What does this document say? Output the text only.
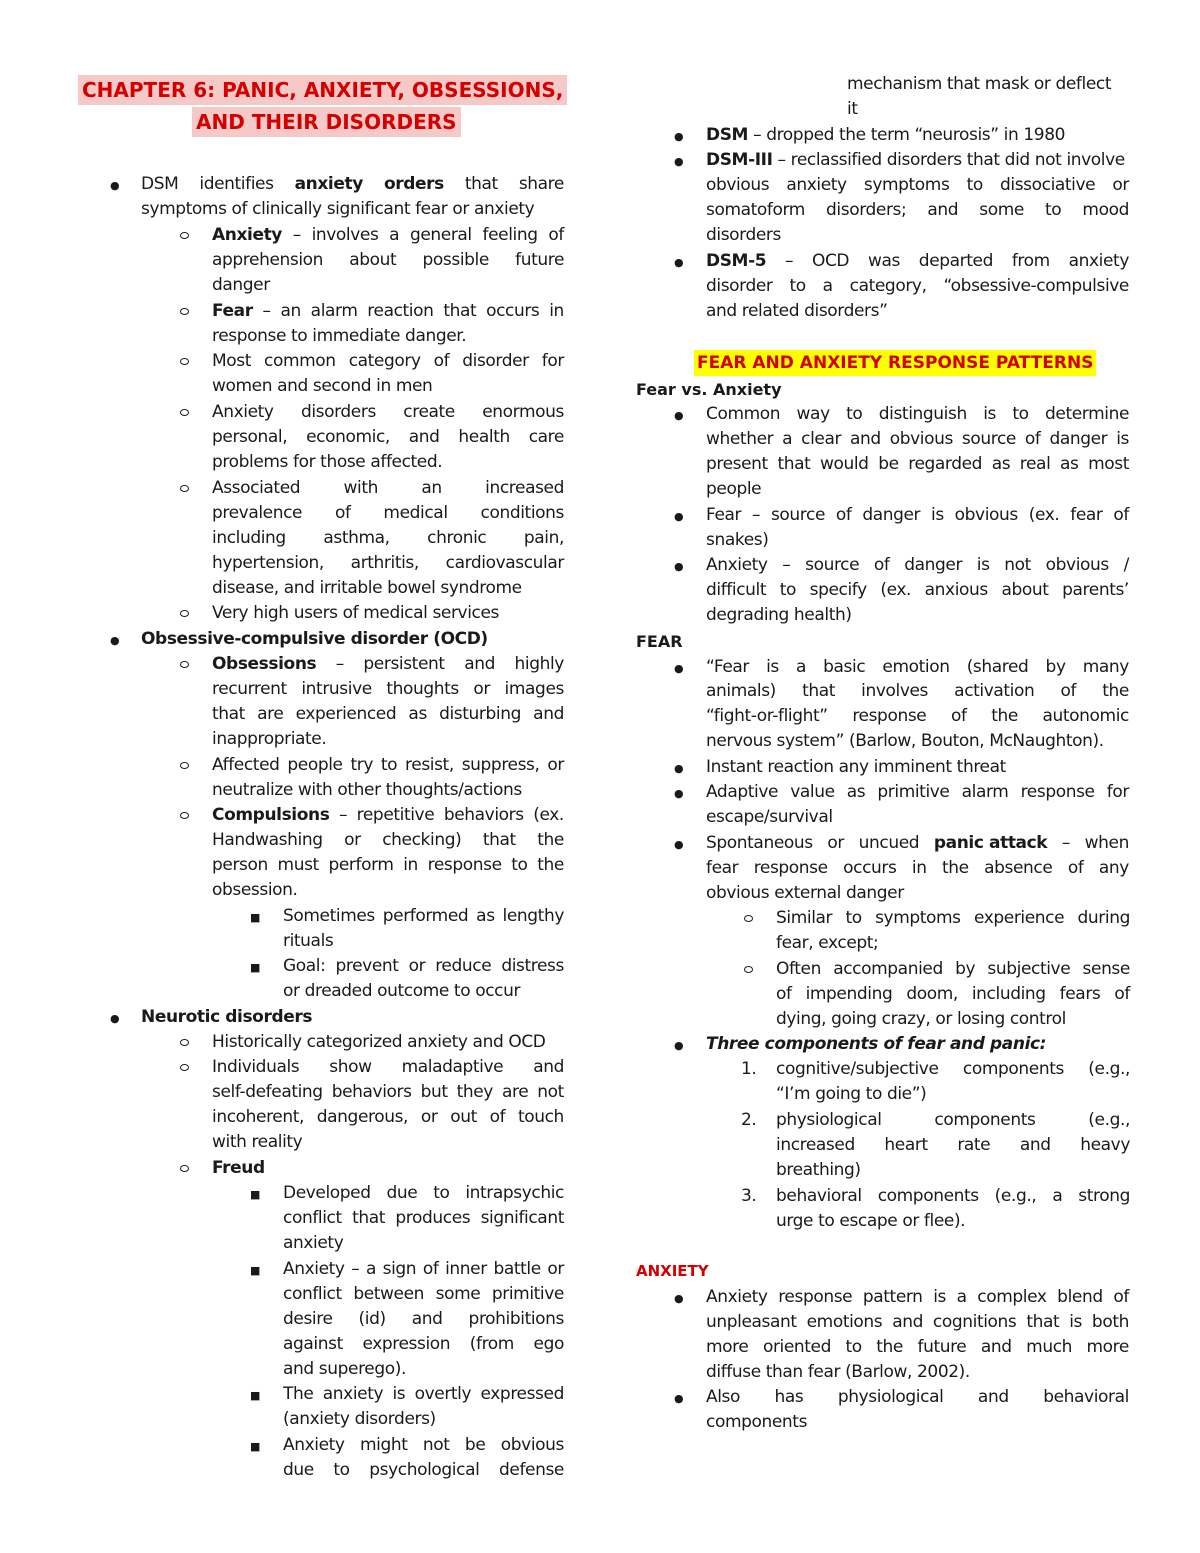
CHAPTER 6: PANIC, ANXIETY, OBSESSIONS,
AND THEIR DISORDERS
●
DSM identifies anxiety orders that share
symptoms of clinically significant fear or anxiety
Anxiety – involves a general feeling of
apprehension about possible future
danger
Fear – an alarm reaction that occurs in
response to immediate danger.
Most common category of disorder for
women and second in men
Anxiety disorders create enormous
personal, economic, and health care
problems for those affected.
Associated	with	an	increased
prevalence of medical conditions
including asthma, chronic pain,
hypertension, arthritis, cardiovascular
disease, and irritable bowel syndrome
Very high users of medical services
●
Obsessive-compulsive disorder (OCD)
Obsessions – persistent and highly
recurrent intrusive thoughts or images
that are experienced as disturbing and
inappropriate.
Affected people try to resist, suppress, or
neutralize with other thoughts/actions
Compulsions – repetitive behaviors (ex.
Handwashing or checking) that the
person must perform in response to the
obsession.
■
Sometimes performed as lengthy
rituals
■
Goal: prevent or reduce distress
or dreaded outcome to occur
●
Neurotic disorders
Historically categorized anxiety and OCD
Individuals show maladaptive and
self-defeating behaviors but they are not
incoherent, dangerous, or out of touch
with reality
Freud
■
Developed due to intrapsychic
conflict that produces significant
anxiety
■
Anxiety – a sign of inner battle or
conflict between some primitive
desire (id) and prohibitions
against expression (from ego
and superego).
■
The anxiety is overtly expressed
(anxiety disorders)
■
Anxiety might not be obvious
due to psychological defense
mechanism that mask or deflect
it
●
DSM – dropped the term “neurosis” in 1980
●
DSM-III – reclassified disorders that did not involve
obvious anxiety symptoms to dissociative or
somatoform disorders; and some to mood
disorders
●
DSM-5 – OCD was departed from anxiety
disorder to a category, “obsessive-compulsive
and related disorders”
FEAR AND ANXIETY RESPONSE PATTERNS
Fear vs. Anxiety
●
Common way to distinguish is to determine
whether a clear and obvious source of danger is
present that would be regarded as real as most
people
●
Fear – source of danger is obvious (ex. fear of
snakes)
●
Anxiety – source of danger is not obvious /
difficult to specify (ex. anxious about parents’
degrading health)
FEAR
●
“Fear is a basic emotion (shared by many
animals) that involves activation of the
“fight-or-flight” response of the autonomic
nervous system” (Barlow, Bouton, McNaughton).
●
Instant reaction any imminent threat
●
Adaptive value as primitive alarm response for
escape/survival
●
Spontaneous or uncued panic attack – when
fear response occurs in the absence of any
obvious external danger
Similar to symptoms experience during
fear, except;
Often accompanied by subjective sense
of impending doom, including fears of
dying, going crazy, or losing control
●
Three components of fear and panic:
1. cognitive/subjective components (e.g.,
“I’m going to die”)
2. physiological	components	(e.g.,
increased heart rate and heavy
breathing)
3. behavioral components (e.g., a strong
urge to escape or flee).
ANXIETY
●
Anxiety response pattern is a complex blend of
unpleasant emotions and cognitions that is both
more oriented to the future and much more
diffuse than fear (Barlow, 2002).
●
Also has physiological and behavioral
components
